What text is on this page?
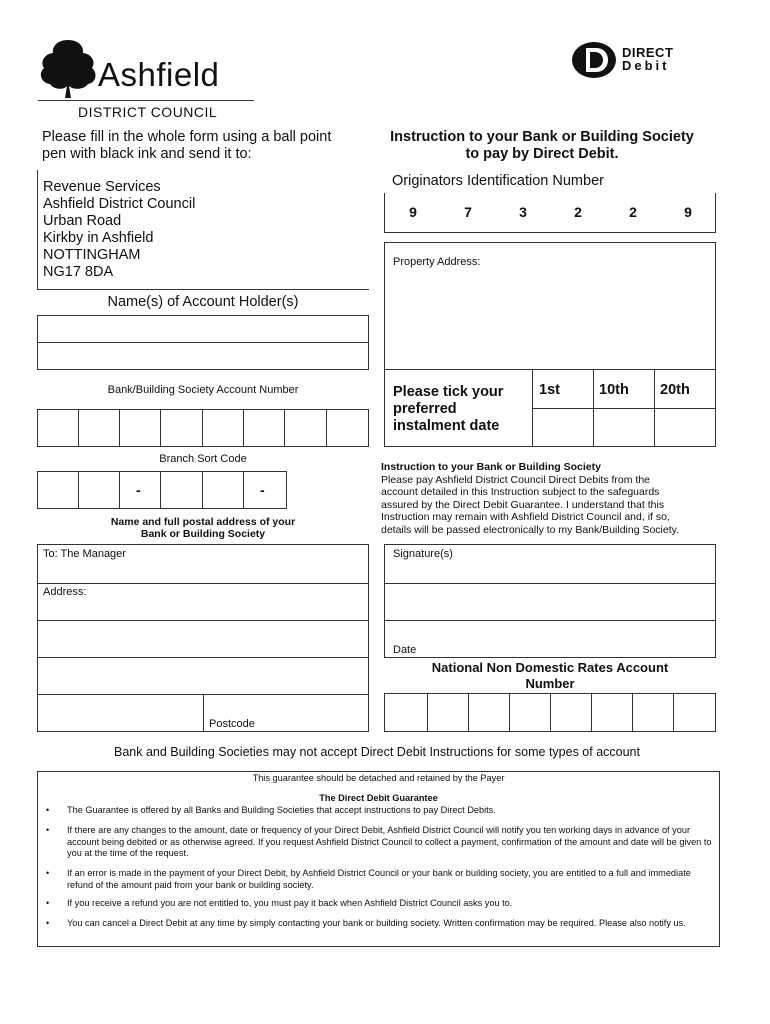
Ashfield
DISTRICT COUNCIL
DIRECT
Debit
Please fill in the whole form using a ball point
pen with black ink and send it to:
Revenue Services
Ashfield District Council
Urban Road
Kirkby in Ashfield
NOTTINGHAM
NG17 8DA
Name(s) of Account Holder(s)
Bank/Building Society Account Number
Branch Sort Code
-	-
Name and full postal address of your
Bank or Building Society
To: The Manager
Address:
Postcode
Instruction to your Bank or Building Society
to pay by Direct Debit.
Originators Identification Number
9	7	3	2	2	9
Property Address:
Please tick your
preferred
instalment date
1st	10th 20th
Instruction to your Bank or Building Society
Please pay Ashfield District Council Direct Debits from the
account detailed in this Instruction subject to the safeguards
assured by the Direct Debit Guarantee. I understand that this
Instruction may remain with Ashfield District Council and, if so,
details will be passed electronically to my Bank/Building Society.
Signature(s)
Date
National Non Domestic Rates Account
Number
Bank and Building Societies may not accept Direct Debit Instructions for some types of account
This guarantee should be detached and retained by the Payer
The Direct Debit Guarantee
• The Guarantee is offered by all Banks and Building Societies that accept instructions to pay Direct Debits.
• If there are any changes to the amount, date or frequency of your Direct Debit, Ashfield District Council will notify you ten working days in advance of your account being debited or as otherwise agreed. If you request Ashfield District Council to collect a payment, confirmation of the amount and date will be given to you at the time of the request.
• If an error is made in the payment of your Direct Debit, by Ashfield District Council or your bank or building society, you are entitled to a full and immediate refund of the amount paid from your bank or building society.
• If you receive a refund you are not entitled to, you must pay it back when Ashfield District Council asks you to.
• You can cancel a Direct Debit at any time by simply contacting your bank or building society. Written confirmation may be required. Please also notify us.
